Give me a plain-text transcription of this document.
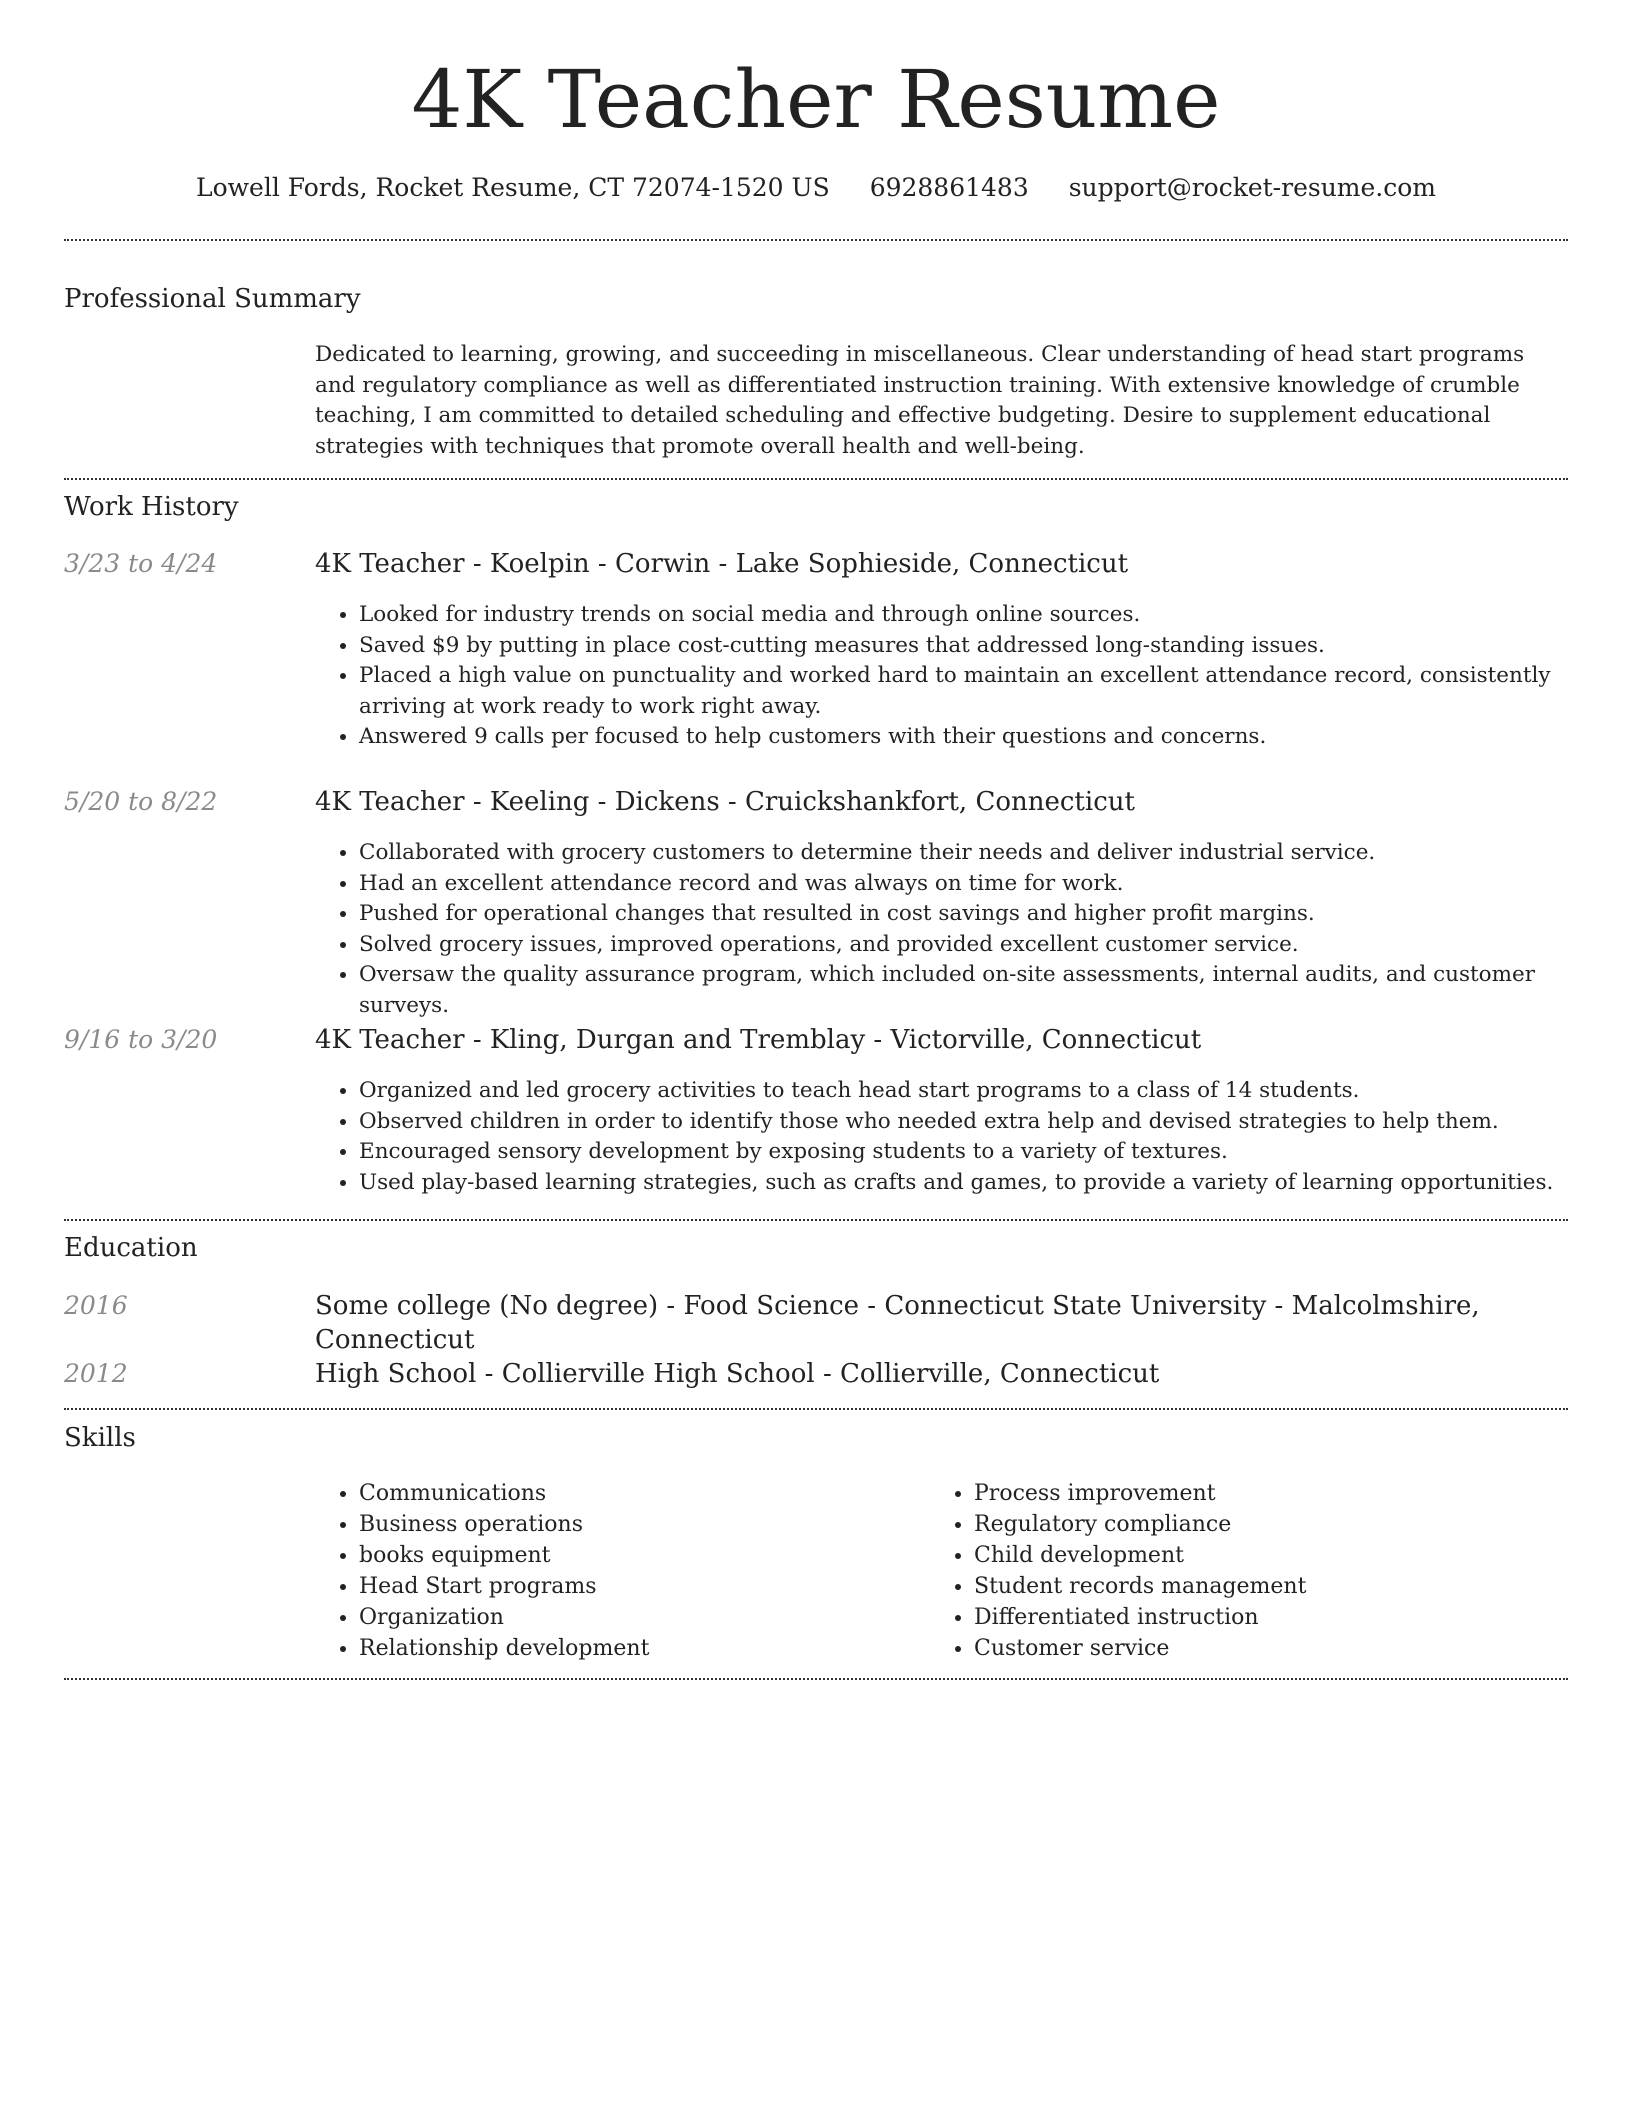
4K Teacher Resume
Lowell Fords, Rocket Resume, CT 72074-1520 US 6928861483 support@rocket-resume.com
Professional Summary

Dedicated to learning, growing, and succeeding in miscellaneous. Clear understanding of head start programs and regulatory compliance as well as differentiated instruction training. With extensive knowledge of crumble teaching, I am committed to detailed scheduling and effective budgeting. Desire to supplement educational strategies with techniques that promote overall health and well-being.

Work History
3/23 to 4/24	4K Teacher - Koelpin - Corwin - Lake Sophieside, Connecticut
• Looked for industry trends on social media and through online sources.
• Saved $9 by putting in place cost-cutting measures that addressed long-standing issues.
• Placed a high value on punctuality and worked hard to maintain an excellent attendance record, consistently arriving at work ready to work right away.
• Answered 9 calls per focused to help customers with their questions and concerns.
5/20 to 8/22	4K Teacher - Keeling - Dickens - Cruickshankfort, Connecticut
• Collaborated with grocery customers to determine their needs and deliver industrial service.
• Had an excellent attendance record and was always on time for work.
• Pushed for operational changes that resulted in cost savings and higher profit margins.
• Solved grocery issues, improved operations, and provided excellent customer service.
• Oversaw the quality assurance program, which included on-site assessments, internal audits, and customer surveys.
9/16 to 3/20	4K Teacher - Kling, Durgan and Tremblay - Victorville, Connecticut
• Organized and led grocery activities to teach head start programs to a class of 14 students.
• Observed children in order to identify those who needed extra help and devised strategies to help them.
• Encouraged sensory development by exposing students to a variety of textures.
• Used play-based learning strategies, such as crafts and games, to provide a variety of learning opportunities.
Education
2016	Some college (No degree) - Food Science - Connecticut State University - Malcolmshire, Connecticut
2012	High School - Collierville High School - Collierville, Connecticut
Skills
• Communications
• Business operations
• books equipment
• Head Start programs
• Organization
• Relationship development
• Process improvement
• Regulatory compliance
• Child development
• Student records management
• Differentiated instruction
• Customer service
